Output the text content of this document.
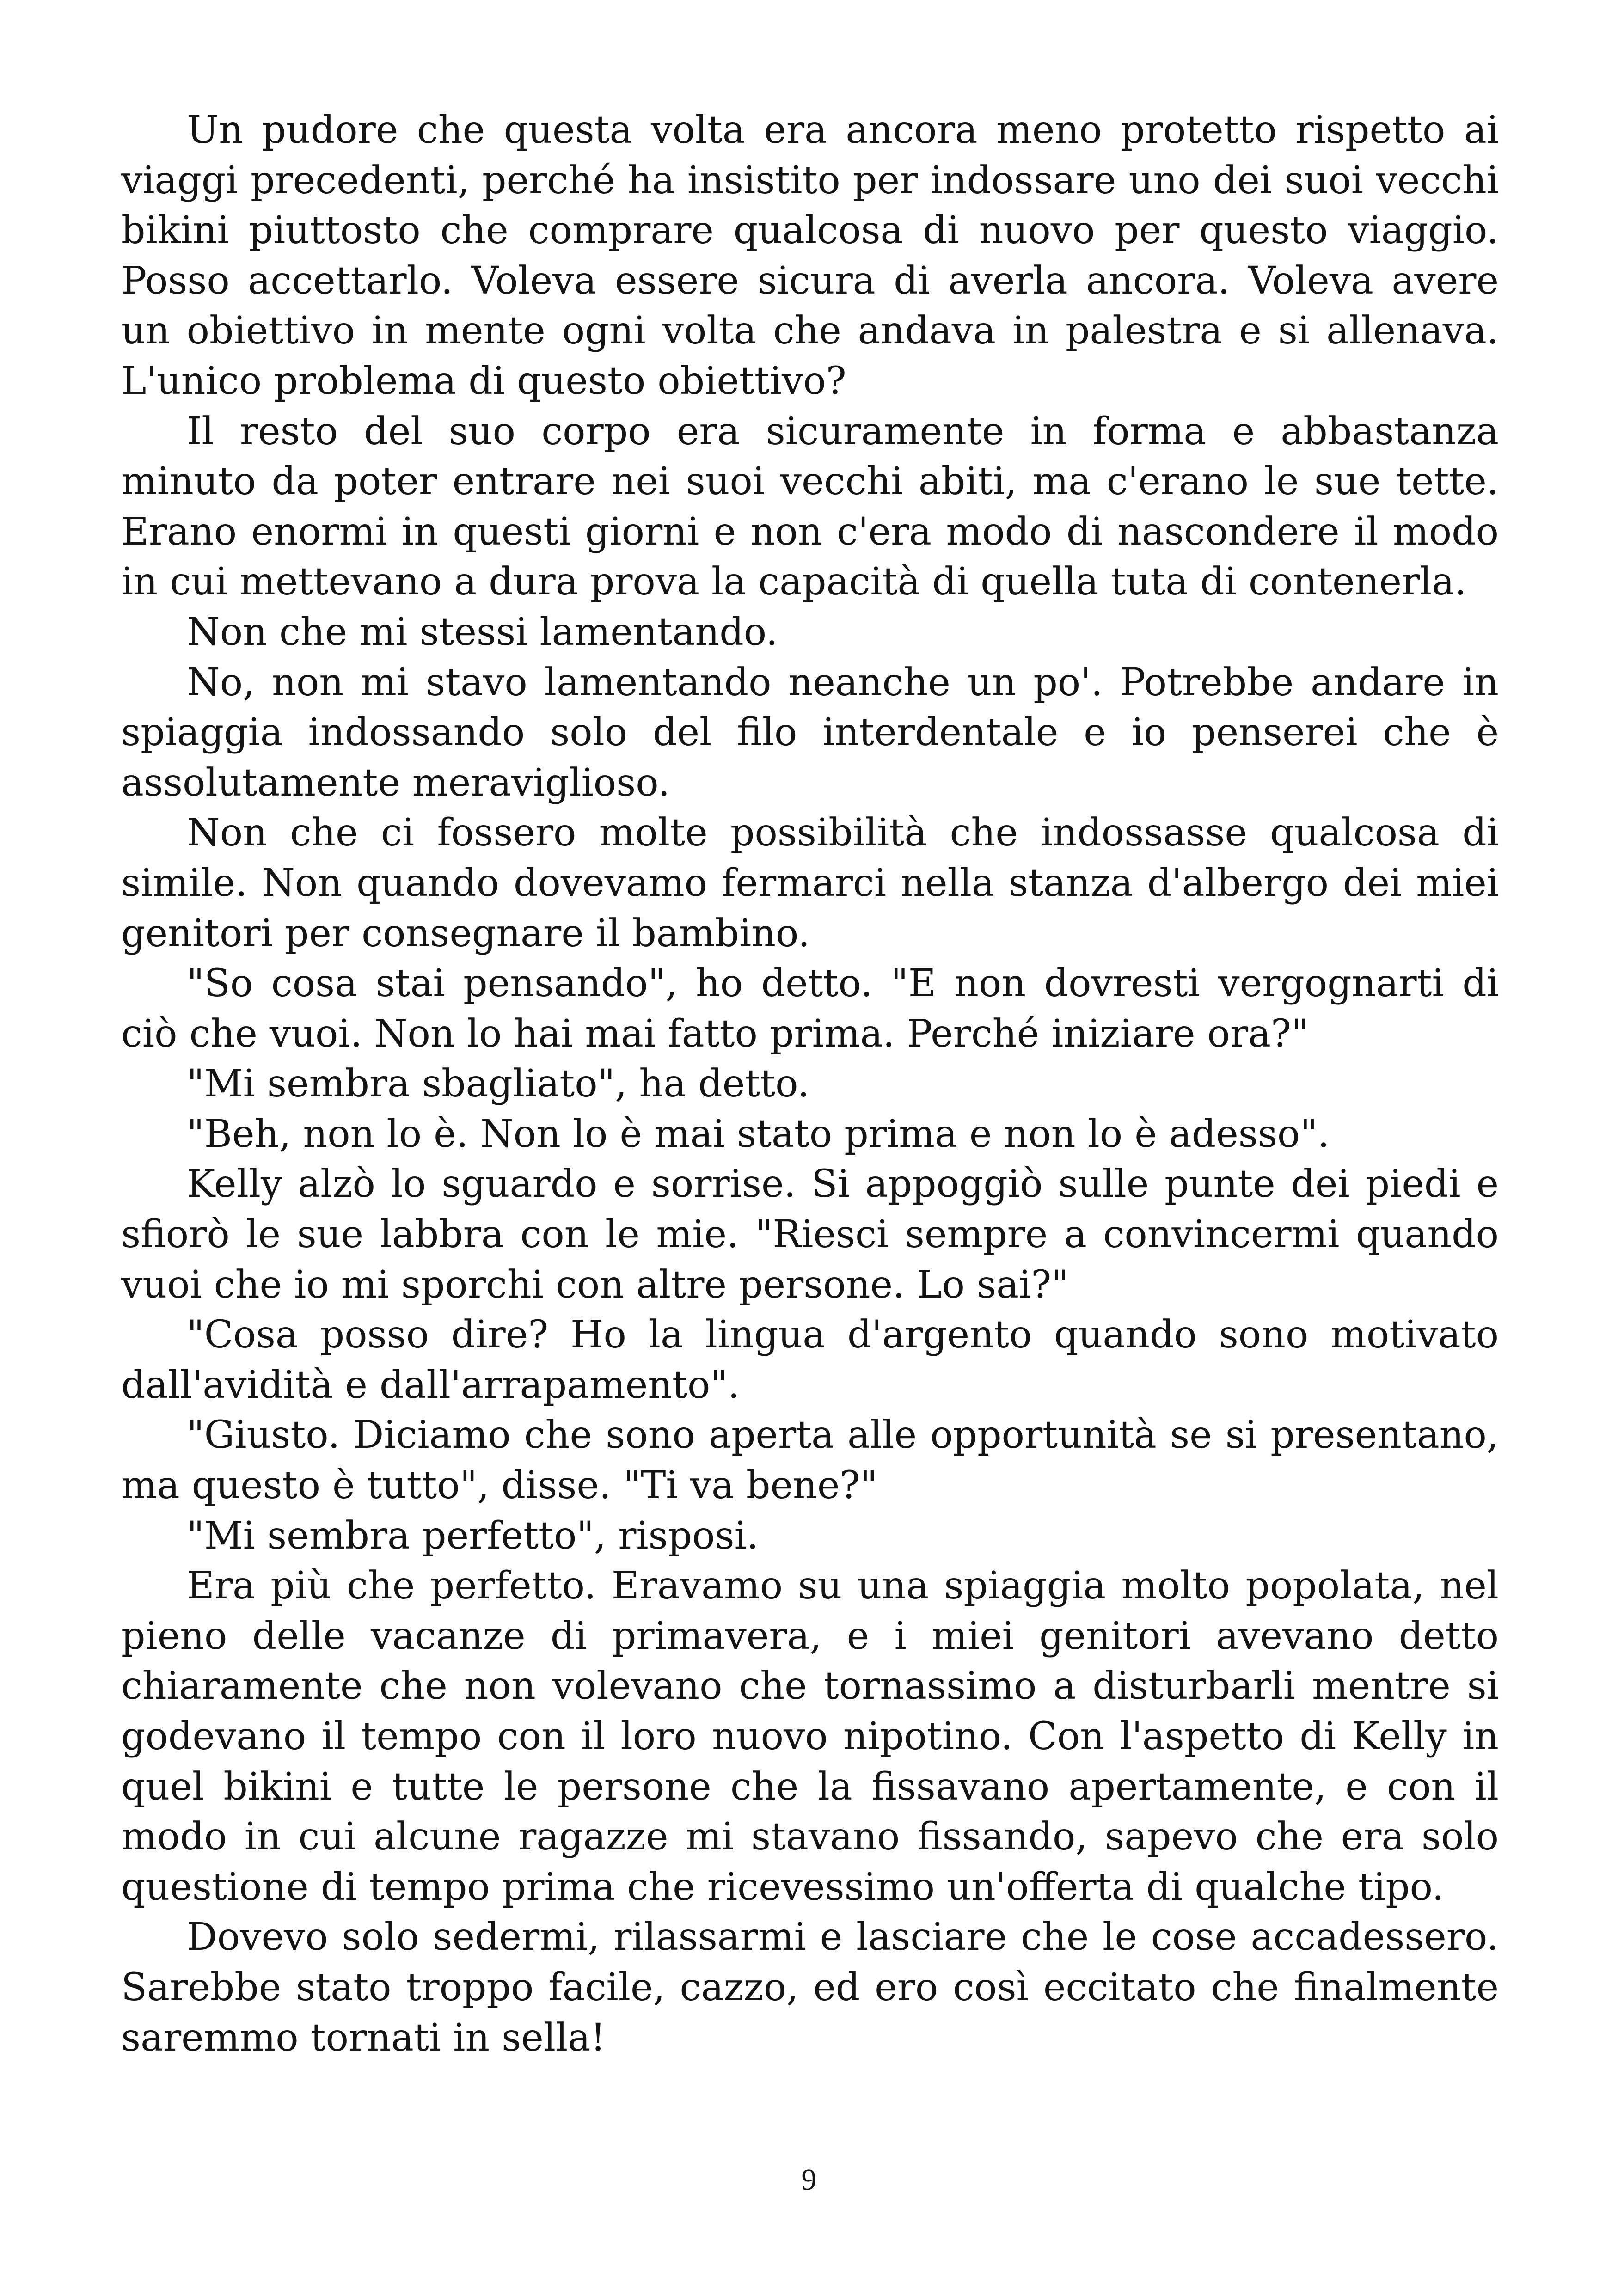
Un pudore che questa volta era ancora meno protetto rispetto ai viaggi precedenti, perché ha insistito per indossare uno dei suoi vecchi bikini piuttosto che comprare qualcosa di nuovo per questo viaggio. Posso accettarlo. Voleva essere sicura di averla ancora. Voleva avere un obiettivo in mente ogni volta che andava in palestra e si allenava. L'unico problema di questo obiettivo?

Il resto del suo corpo era sicuramente in forma e abbastanza minuto da poter entrare nei suoi vecchi abiti, ma c'erano le sue tette. Erano enormi in questi giorni e non c'era modo di nascondere il modo in cui mettevano a dura prova la capacità di quella tuta di contenerla.

Non che mi stessi lamentando.

No, non mi stavo lamentando neanche un po'. Potrebbe andare in spiaggia indossando solo del filo interdentale e io penserei che è assolutamente meraviglioso.

Non che ci fossero molte possibilità che indossasse qualcosa di simile. Non quando dovevamo fermarci nella stanza d'albergo dei miei genitori per consegnare il bambino.

"So cosa stai pensando", ho detto. "E non dovresti vergognarti di ciò che vuoi. Non lo hai mai fatto prima. Perché iniziare ora?"

"Mi sembra sbagliato", ha detto.

"Beh, non lo è. Non lo è mai stato prima e non lo è adesso".

Kelly alzò lo sguardo e sorrise. Si appoggiò sulle punte dei piedi e sfiorò le sue labbra con le mie. "Riesci sempre a convincermi quando vuoi che io mi sporchi con altre persone. Lo sai?"

"Cosa posso dire? Ho la lingua d'argento quando sono motivato dall'avidità e dall'arrapamento".

"Giusto. Diciamo che sono aperta alle opportunità se si presentano, ma questo è tutto", disse. "Ti va bene?"

"Mi sembra perfetto", risposi.

Era più che perfetto. Eravamo su una spiaggia molto popolata, nel pieno delle vacanze di primavera, e i miei genitori avevano detto chiaramente che non volevano che tornassimo a disturbarli mentre si godevano il tempo con il loro nuovo nipotino. Con l'aspetto di Kelly in quel bikini e tutte le persone che la fissavano apertamente, e con il modo in cui alcune ragazze mi stavano fissando, sapevo che era solo questione di tempo prima che ricevessimo un'offerta di qualche tipo.

Dovevo solo sedermi, rilassarmi e lasciare che le cose accadessero. Sarebbe stato troppo facile, cazzo, ed ero così eccitato che finalmente saremmo tornati in sella!

9
